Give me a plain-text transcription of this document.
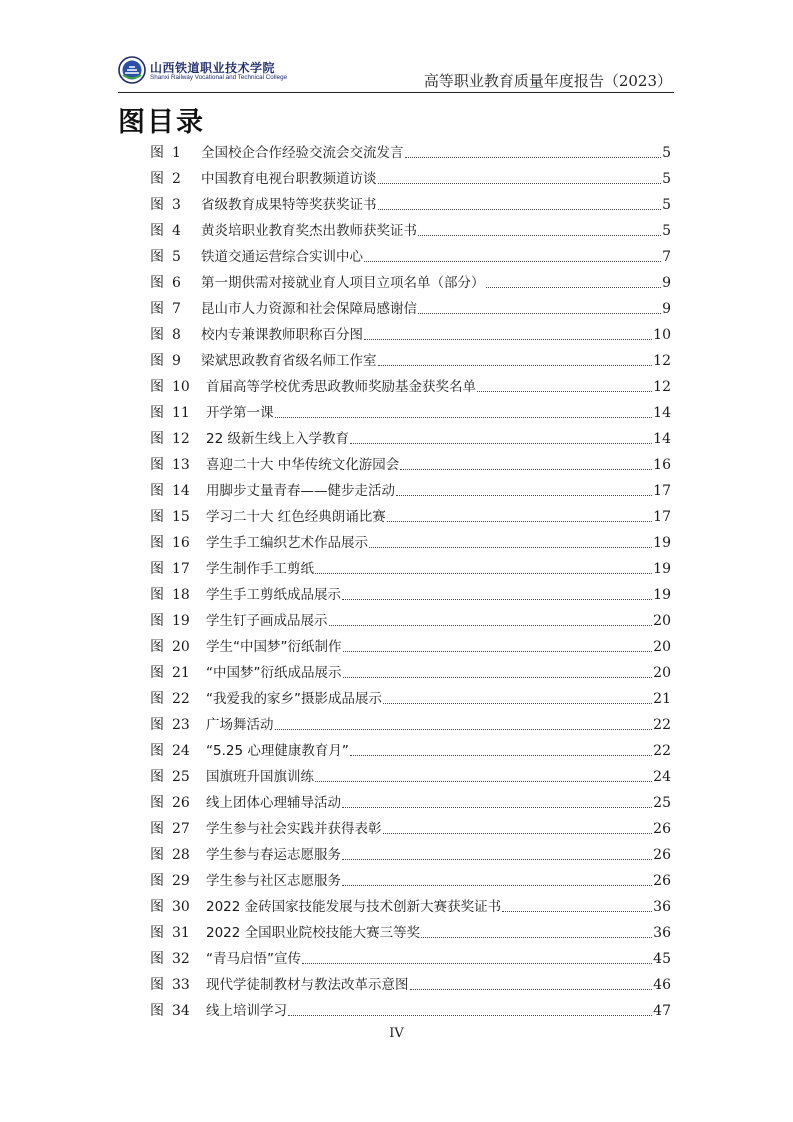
山西铁道职业技术学院
Shanxi Railway Vocational and Technical College	高等职业教育质量年度报告（2023）
图目录
图 1	全国校企合作经验交流会交流发言	5
图 2	中国教育电视台职教频道访谈	5
图 3	省级教育成果特等奖获奖证书	5
图 4	黄炎培职业教育奖杰出教师获奖证书	5
图 5	铁道交通运营综合实训中心	7
图 6	第一期供需对接就业育人项目立项名单（部分）	9
图 7	昆山市人力资源和社会保障局感谢信	9
图 8	校内专兼课教师职称百分图	10
图 9	梁斌思政教育省级名师工作室	12
图 10	首届高等学校优秀思政教师奖励基金获奖名单	12
图 11	开学第一课	14
图 12	22 级新生线上入学教育	14
图 13	喜迎二十大 中华传统文化游园会	16
图 14	用脚步丈量青春——健步走活动	17
图 15	学习二十大 红色经典朗诵比赛	17
图 16	学生手工编织艺术作品展示	19
图 17	学生制作手工剪纸	19
图 18	学生手工剪纸成品展示	19
图 19	学生钉子画成品展示	20
图 20	学生“中国梦”衍纸制作	20
图 21	“中国梦”衍纸成品展示	20
图 22	“我爱我的家乡”摄影成品展示	21
图 23	广场舞活动	22
图 24	“5.25 心理健康教育月”	22
图 25	国旗班升国旗训练	24
图 26	线上团体心理辅导活动	25
图 27	学生参与社会实践并获得表彰	26
图 28	学生参与春运志愿服务	26
图 29	学生参与社区志愿服务	26
图 30	2022 金砖国家技能发展与技术创新大赛获奖证书	36
图 31	2022 全国职业院校技能大赛三等奖	36
图 32	“青马启悟”宣传	45
图 33	现代学徒制教材与教法改革示意图	46
图 34	线上培训学习	47
IV
